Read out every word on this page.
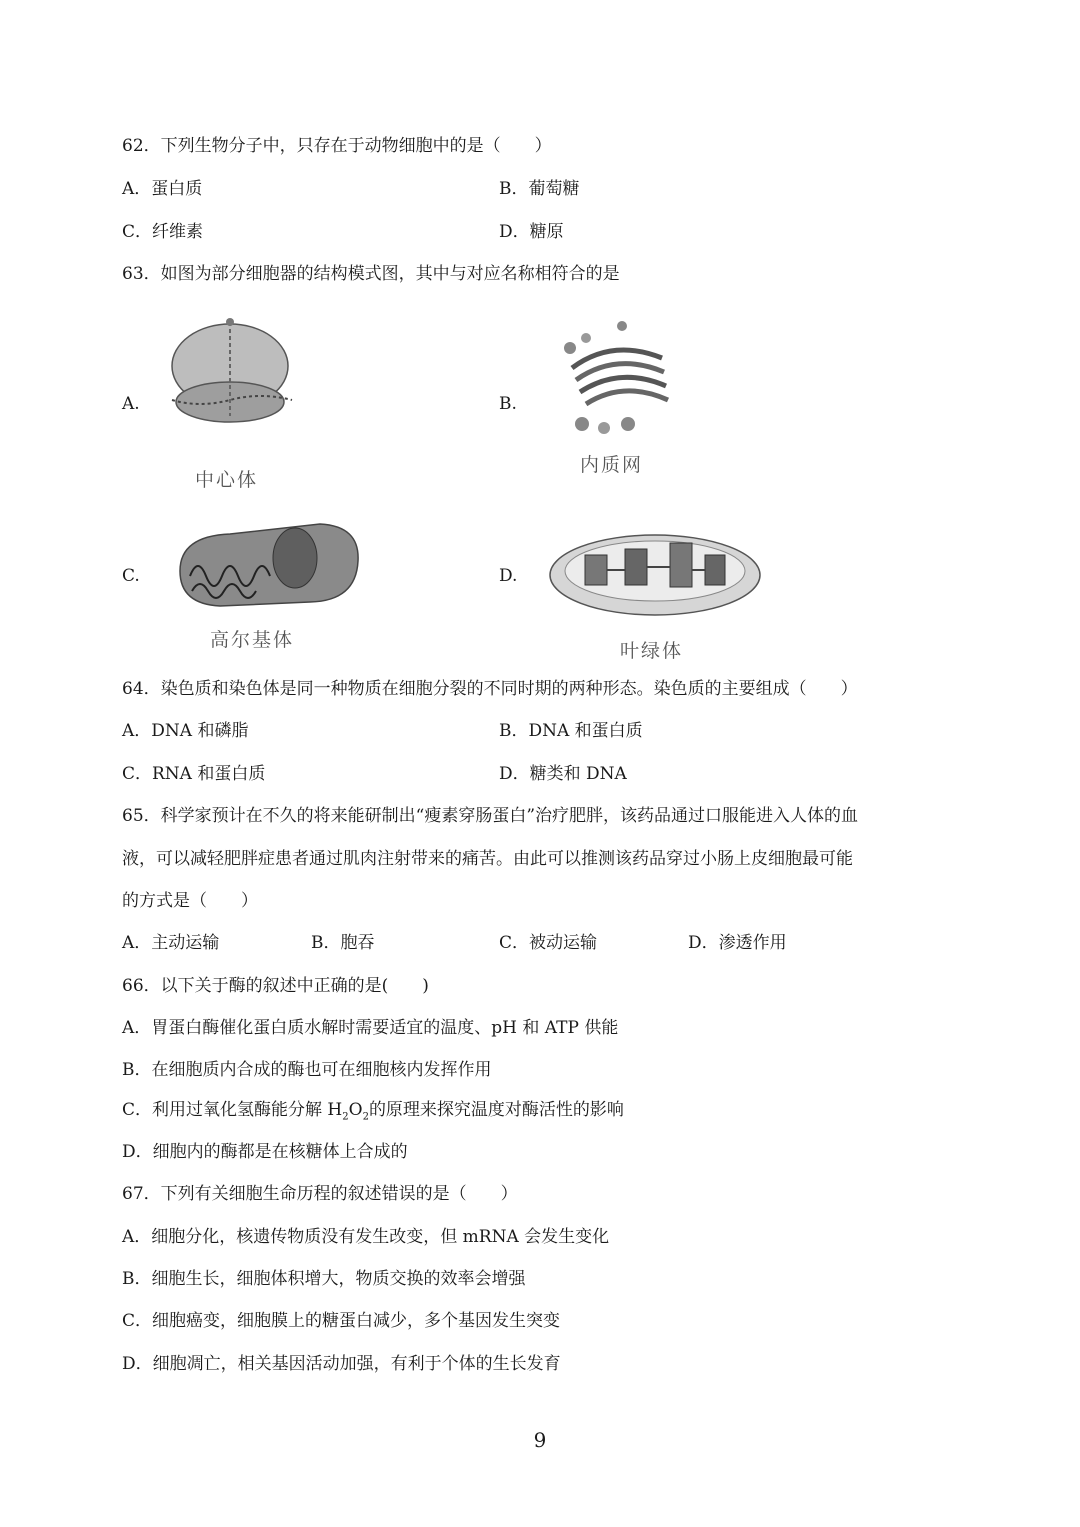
62．下列生物分子中，只存在于动物细胞中的是（　　）
A．蛋白质	B．葡萄糖
C．纤维素	D．糖原
63．如图为部分细胞器的结构模式图，其中与对应名称相符合的是
A.
中心体
B.
内质网
C.
高尔基体
D.
叶绿体
64．染色质和染色体是同一种物质在细胞分裂的不同时期的两种形态。染色质的主要组成（　　）
A．DNA 和磷脂	B．DNA 和蛋白质
C．RNA 和蛋白质	D．糖类和 DNA
65．科学家预计在不久的将来能研制出“瘦素穿肠蛋白”治疗肥胖，该药品通过口服能进入人体的血
液，可以减轻肥胖症患者通过肌肉注射带来的痛苦。由此可以推测该药品穿过小肠上皮细胞最可能
的方式是（　　）
A．主动运输	B．胞吞	C．被动运输	D．渗透作用
66．以下关于酶的叙述中正确的是(　　)
A．胃蛋白酶催化蛋白质水解时需要适宜的温度、pH 和 ATP 供能
B．在细胞质内合成的酶也可在细胞核内发挥作用
C．利用过氧化氢酶能分解 $H_2O_2$的原理来探究温度对酶活性的影响
D．细胞内的酶都是在核糖体上合成的
67．下列有关细胞生命历程的叙述错误的是（　　）
A．细胞分化，核遗传物质没有发生改变，但 mRNA 会发生变化
B．细胞生长，细胞体积增大，物质交换的效率会增强
C．细胞癌变，细胞膜上的糖蛋白减少，多个基因发生突变
D．细胞凋亡，相关基因活动加强，有利于个体的生长发育
9
